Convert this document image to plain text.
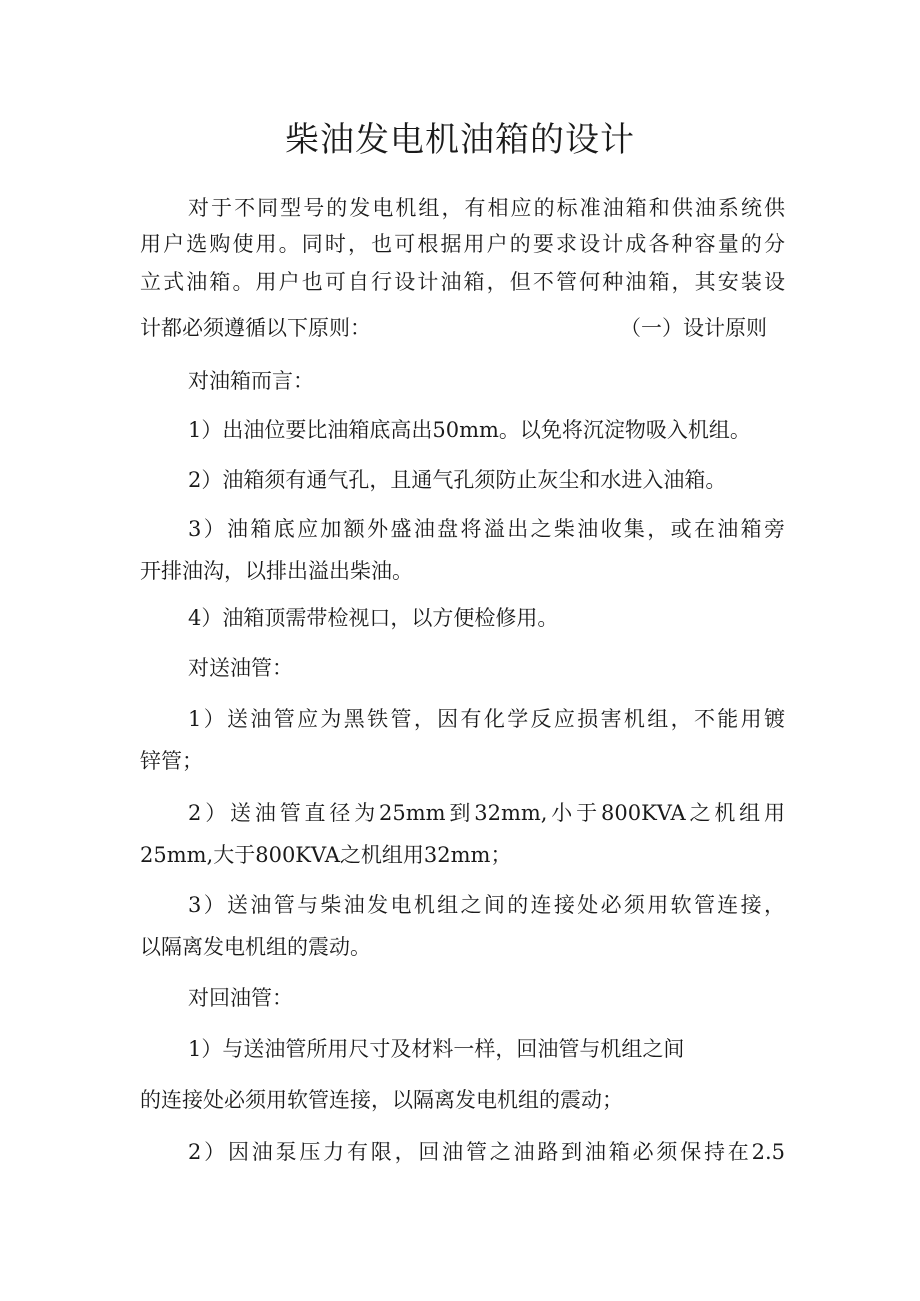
柴油发电机油箱的设计

对于不同型号的发电机组，有相应的标准油箱和供油系统供

用户选购使用。同时，也可根据用户的要求设计成各种容量的分

立式油箱。用户也可自行设计油箱，但不管何种油箱，其安装设

计都必须遵循以下原则：	（一）设计原则

对油箱而言：

1）出油位要比油箱底高出50mm。以免将沉淀物吸入机组。

2）油箱须有通气孔，且通气孔须防止灰尘和水进入油箱。

3）油箱底应加额外盛油盘将溢出之柴油收集，或在油箱旁

开排油沟，以排出溢出柴油。

4）油箱顶需带检视口，以方便检修用。

对送油管：

1）送油管应为黑铁管，因有化学反应损害机组，不能用镀

锌管；

2）送油管直径为25mm到32mm,小于800KVA之机组用

25mm,大于800KVA之机组用32mm；

3）送油管与柴油发电机组之间的连接处必须用软管连接，

以隔离发电机组的震动。

对回油管：

1）与送油管所用尺寸及材料一样，回油管与机组之间

的连接处必须用软管连接，以隔离发电机组的震动；

2）因油泵压力有限，回油管之油路到油箱必须保持在2.5
